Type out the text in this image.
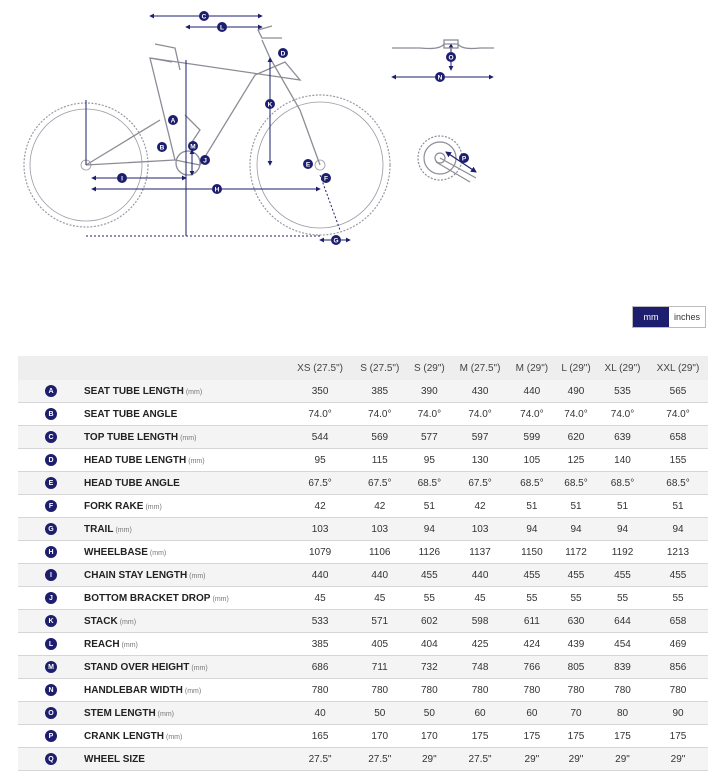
A
B
C
D
E
F
G
H
I
J
K
L
M
N
O
P
mm	inches
		XS (27.5")	S (27.5")	S (29")	M (27.5")	M (29")	L (29")	XL (29")	XXL (29")
A	SEAT TUBE LENGTH (mm)	350	385	390	430	440	490	535	565
B	SEAT TUBE ANGLE	74.0°	74.0°	74.0°	74.0°	74.0°	74.0°	74.0°	74.0°
C	TOP TUBE LENGTH (mm)	544	569	577	597	599	620	639	658
D	HEAD TUBE LENGTH (mm)	95	115	95	130	105	125	140	155
E	HEAD TUBE ANGLE	67.5°	67.5°	68.5°	67.5°	68.5°	68.5°	68.5°	68.5°
F	FORK RAKE (mm)	42	42	51	42	51	51	51	51
G	TRAIL (mm)	103	103	94	103	94	94	94	94
H	WHEELBASE (mm)	1079	1106	1126	1137	1150	1172	1192	1213
I	CHAIN STAY LENGTH (mm)	440	440	455	440	455	455	455	455
J	BOTTOM BRACKET DROP (mm)	45	45	55	45	55	55	55	55
K	STACK (mm)	533	571	602	598	611	630	644	658
L	REACH (mm)	385	405	404	425	424	439	454	469
M	STAND OVER HEIGHT (mm)	686	711	732	748	766	805	839	856
N	HANDLEBAR WIDTH (mm)	780	780	780	780	780	780	780	780
O	STEM LENGTH (mm)	40	50	50	60	60	70	80	90
P	CRANK LENGTH (mm)	165	170	170	175	175	175	175	175
Q	WHEEL SIZE	27.5"	27.5"	29"	27.5"	29"	29"	29"	29"
